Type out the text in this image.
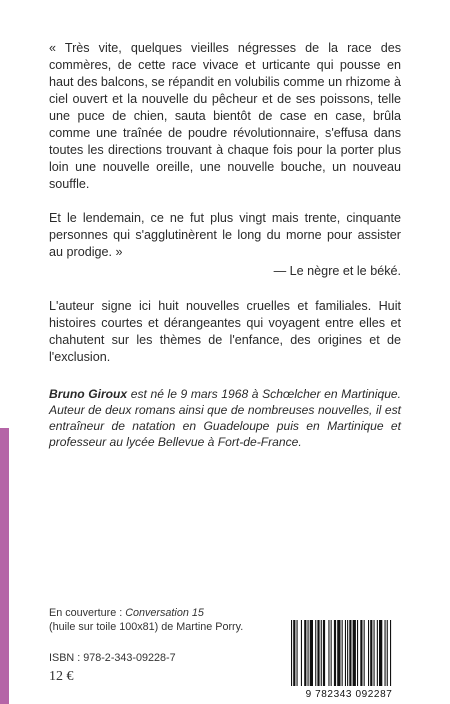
« Très vite, quelques vieilles négresses de la race des commères, de cette race vivace et urticante qui pousse en haut des balcons, se répandit en volubilis comme un rhizome à ciel ouvert et la nouvelle du pêcheur et de ses poissons, telle une puce de chien, sauta bientôt de case en case, brûla comme une traînée de poudre révolutionnaire, s'effusa dans toutes les directions trouvant à chaque fois pour la porter plus loin une nouvelle oreille, une nouvelle bouche, un nouveau souffle.

Et le lendemain, ce ne fut plus vingt mais trente, cinquante personnes qui s'agglutinèrent le long du morne pour assister au prodige. »

— Le nègre et le béké.

L'auteur signe ici huit nouvelles cruelles et familiales. Huit histoires courtes et dérangeantes qui voyagent entre elles et chahutent sur les thèmes de l'enfance, des origines et de l'exclusion.

Bruno Giroux est né le 9 mars 1968 à Schœlcher en Martinique. Auteur de deux romans ainsi que de nombreuses nouvelles, il est entraîneur de natation en Guadeloupe puis en Martinique et professeur au lycée Bellevue à Fort-de-France.

En couverture : Conversation 15
(huile sur toile 100x81) de Martine Porry.
ISBN : 978-2-343-09228-7
12 €
9 782343 092287
